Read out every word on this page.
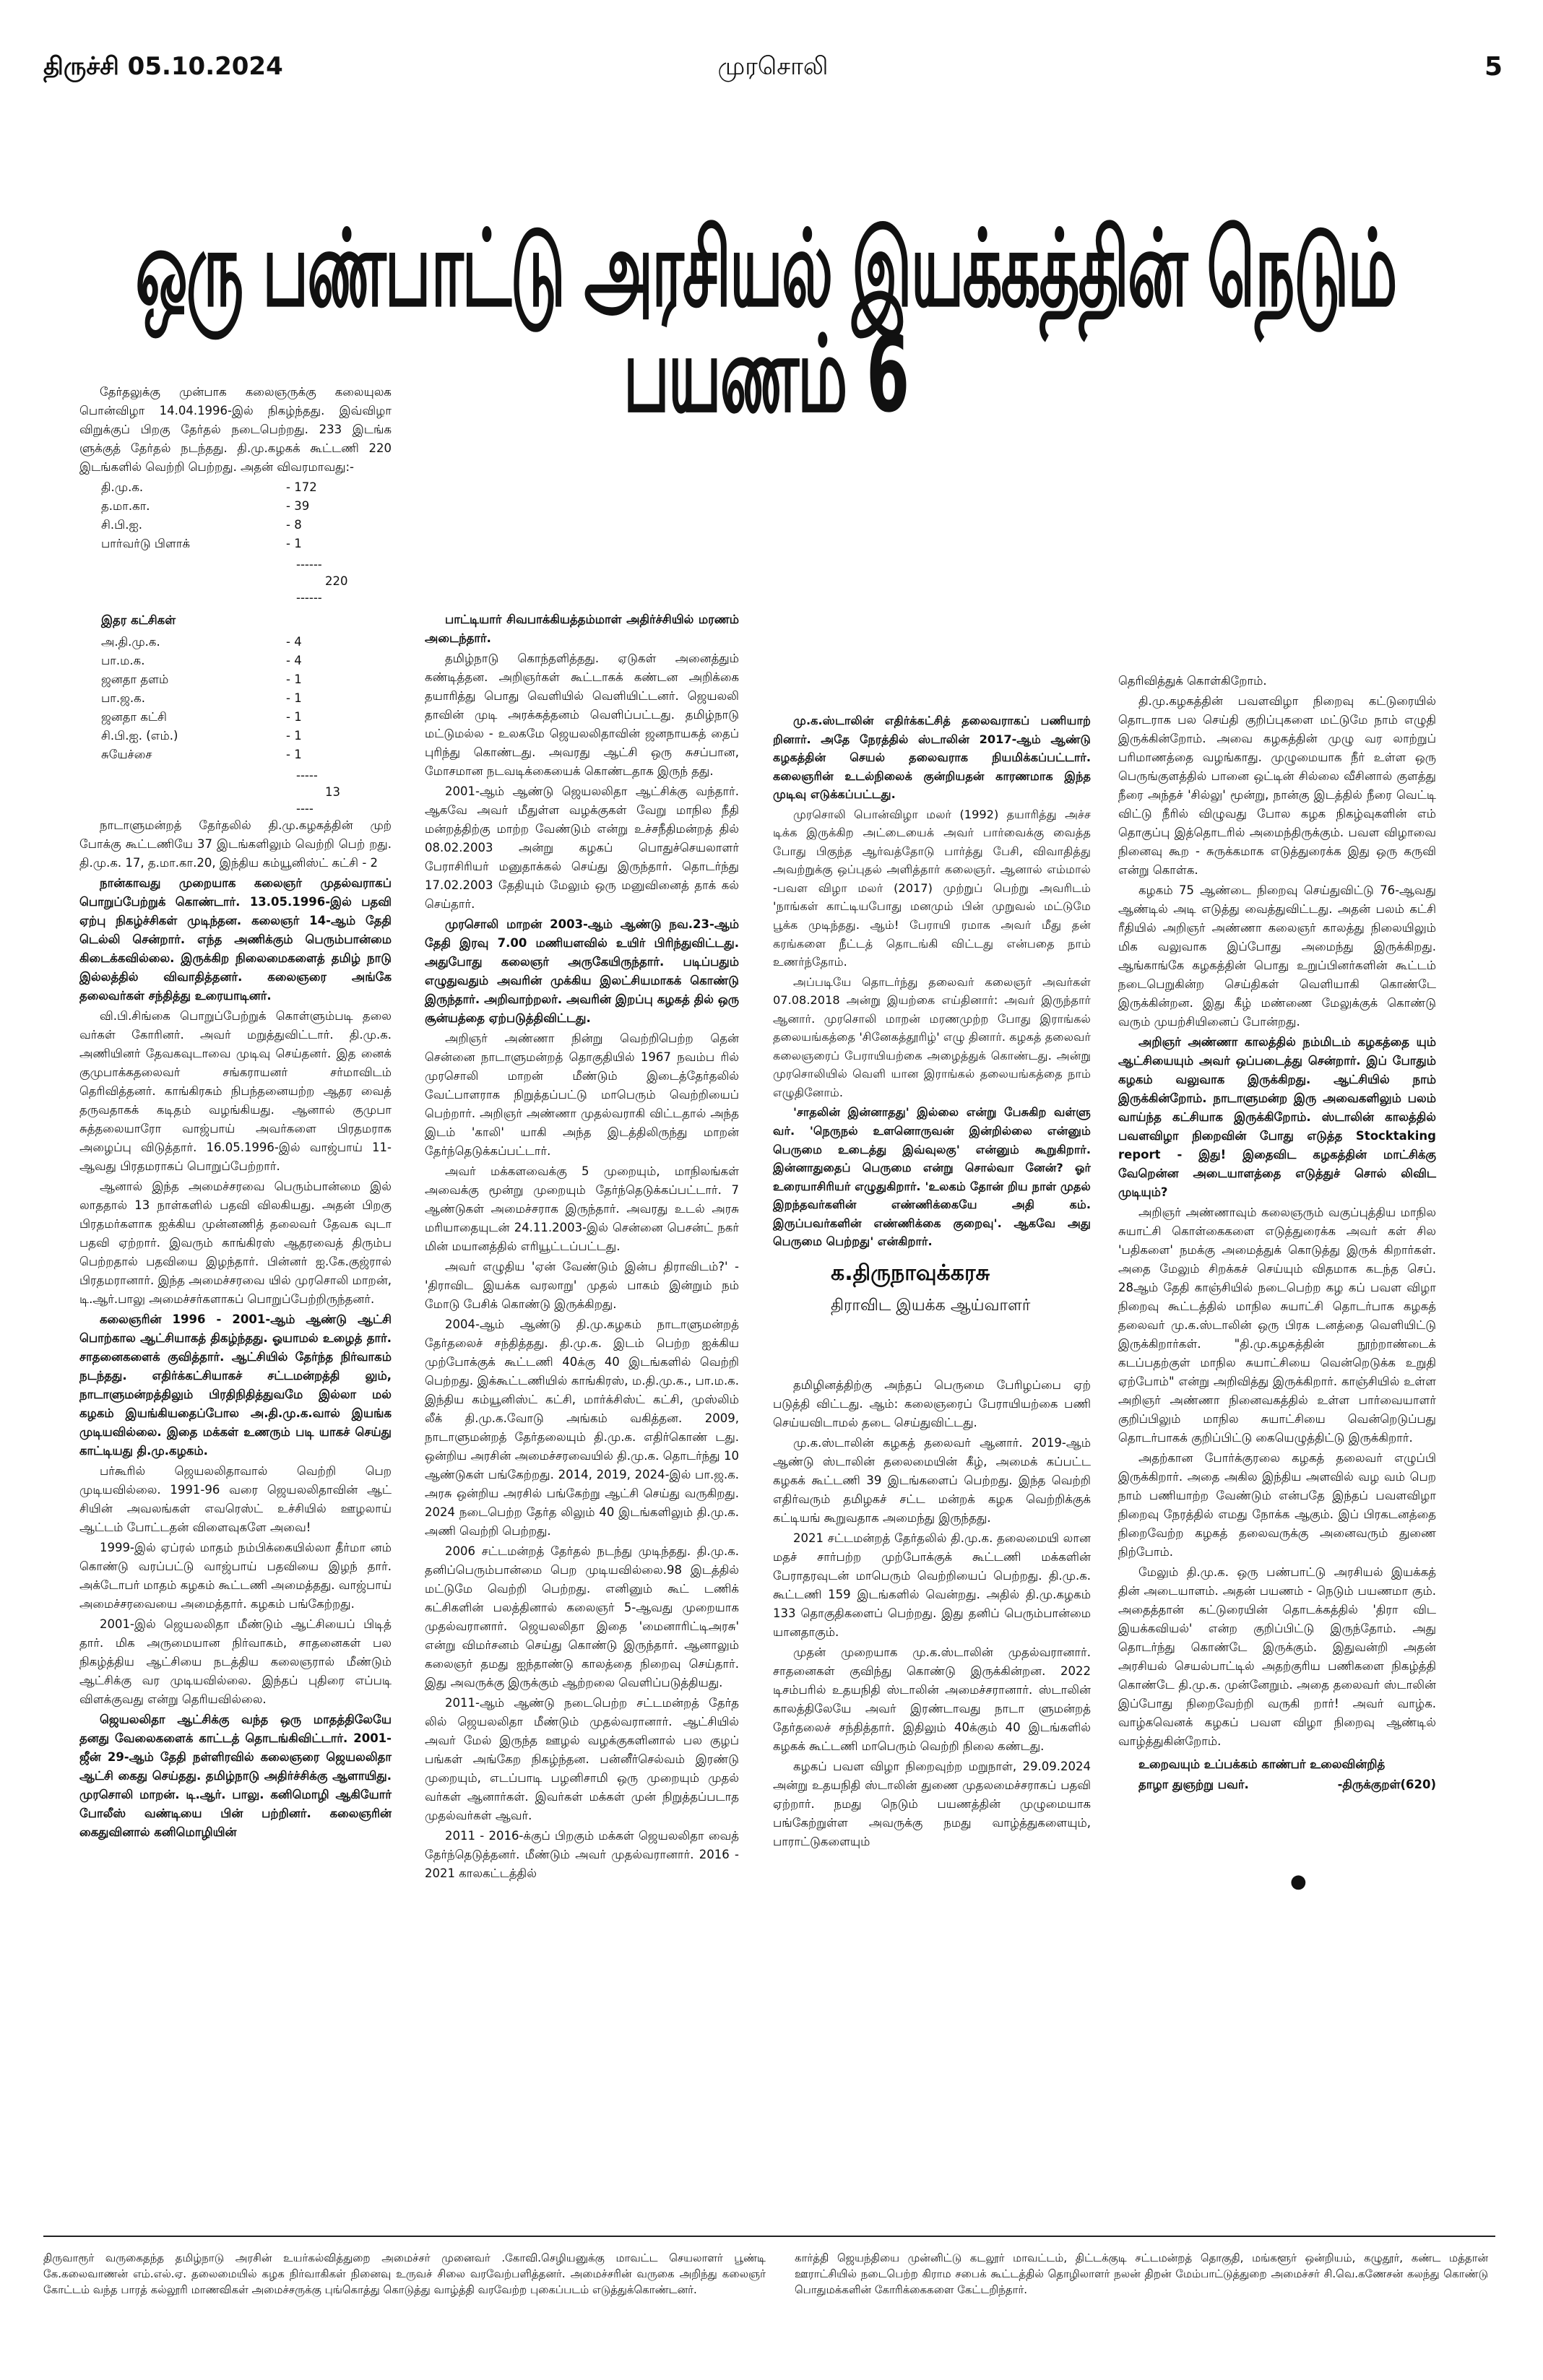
திருச்சி 05.10.2024	முரசொலி	5
ஒரு பண்பாட்டு அரசியல் இயக்கத்தின் நெடும் பயணம் 6

தேர்தலுக்கு முன்பாக கலைஞருக்கு கலையுலக பொன்விழா 14.04.1996-இல் நிகழ்ந்தது. இவ்விழா விறுக்குப் பிறகு தேர்தல் நடைபெற்றது. 233 இடங்க ளுக்குத் தேர்தல் நடந்தது. தி.மு.கழகக் கூட்டணி 220 இடங்களில் வெற்றி பெற்றது. அதன் விவரமாவது:-

தி.மு.க.	- 172
த.மா.கா.	- 39
சி.பி.ஐ.	- 8
பார்வர்டு பிளாக்	- 1
------
220
------
இதர கட்சிகள்
அ.தி.மு.க.	- 4
பா.ம.க.	- 4
ஜனதா தளம்	- 1
பா.ஜ.க.	- 1
ஜனதா கட்சி	- 1
சி.பி.ஐ. (எம்.)	- 1
சுயேச்சை	- 1
-----
13
----

நாடாளுமன்றத் தேர்தலில் தி.மு.கழகத்தின் முற் போக்கு கூட்டணியே 37 இடங்களிலும் வெற்றி பெற் றது. தி.மு.க. 17, த.மா.கா.20, இந்திய கம்யூனிஸ்ட் கட்சி - 2

நான்காவது முறையாக கலைஞர் முதல்வராகப் பொறுப்பேற்றுக் கொண்டார். 13.05.1996-இல் பதவி ஏற்பு நிகழ்ச்சிகள் முடிந்தன. கலைஞர் 14-ஆம் தேதி டெல்லி சென்றார். எந்த அணிக்கும் பெரும்பான்மை கிடைக்கவில்லை. இருக்கிற நிலைமைகளைத் தமிழ் நாடு இல்லத்தில் விவாதித்தனர். கலைஞரை அங்கே தலைவர்கள் சந்தித்து உரையாடினர்.

வி.பி.சிங்கை பொறுப்பேற்றுக் கொள்ளும்படி தலை வர்கள் கோரினர். அவர் மறுத்துவிட்டார். தி.மு.க. அணியினர் தேவகவுடாவை முடிவு செய்தனர். இத னைக் குமுபாக்கதலைவர் சங்கராயனர் சர்மாவிடம் தெரிவித்தனர். காங்கிரசும் நிபந்தனையற்ற ஆதர வைத் தருவதாகக் கடிதம் வழங்கியது. ஆனால் குமுபா சுத்தலையாரோ வாஜ்பாய் அவர்களை பிரதமராக அழைப்பு விடுத்தார். 16.05.1996-இல் வாஜ்பாய் 11-ஆவது பிரதமராகப் பொறுப்பேற்றார்.

ஆனால் இந்த அமைச்சரவை பெரும்பான்மை இல் லாததால் 13 நாள்களில் பதவி விலகியது. அதன் பிறகு பிரதமர்களாக ஐக்கிய முன்னணித் தலைவர் தேவக வுடா பதவி ஏற்றார். இவரும் காங்கிரஸ் ஆதரவைத் திரும்ப பெற்றதால் பதவியை இழந்தார். பின்னர் ஐ.கே.குஜ்ரால் பிரதமரானார். இந்த அமைச்சரவை யில் முரசொலி மாறன், டி.ஆர்.பாலு அமைச்சர்களாகப் பொறுப்பேற்றிருந்தனர்.

கலைஞரின் 1996 - 2001-ஆம் ஆண்டு ஆட்சி பொற்கால ஆட்சியாகத் திகழ்ந்தது. ஓயாமல் உழைத் தார். சாதனைகளைக் குவித்தார். ஆட்சியில் தேர்ந்த நிர்வாகம் நடந்தது. எதிர்க்கட்சியாகச் சட்டமன்றத்தி லும், நாடாளுமன்றத்திலும் பிரதிநிதித்துவமே இல்லா மல் கழகம் இயங்கியதைப்போல அ.தி.மு.க.வால் இயங்க முடியவில்லை. இதை மக்கள் உணரும் படி யாகச் செய்து காட்டியது தி.மு.கழகம்.

பர்கூரில் ஜெயலலிதாவால் வெற்றி பெற முடியவில்லை. 1991-96 வரை ஜெயலலிதாவின் ஆட் சியின் அவலங்கள் எவரெஸ்ட் உச்சியில் ஊழலாய் ஆட்டம் போட்டதன் விளைவுகளே அவை!

1999-இல் ஏப்ரல் மாதம் நம்பிக்கையில்லா தீர்மா னம் கொண்டு வரப்பட்டு வாஜ்பாய் பதவியை இழந் தார். அக்டோபர் மாதம் கழகம் கூட்டணி அமைத்தது. வாஜ்பாய் அமைச்சரவையை அமைத்தார். கழகம் பங்கேற்றது.

2001-இல் ஜெயலலிதா மீண்டும் ஆட்சியைப் பிடித் தார். மிக அருமையான நிர்வாகம், சாதனைகள் பல நிகழ்த்திய ஆட்சியை நடத்திய கலைஞரால் மீண்டும் ஆட்சிக்கு வர முடியவில்லை. இந்தப் புதிரை எப்படி விளக்குவது என்று தெரியவில்லை.

ஜெயலலிதா ஆட்சிக்கு வந்த ஒரு மாதத்திலேயே தனது வேலைகளைக் காட்டத் தொடங்கிவிட்டார். 2001- ஜீன் 29-ஆம் தேதி நள்ளிரவில் கலைஞரை ஜெயலலிதா ஆட்சி கைது செய்தது. தமிழ்நாடு அதிர்ச்சிக்கு ஆளாயிது. முரசொலி மாறன். டி.ஆர். பாலு. கனிமொழி ஆகியோர் போலீஸ் வண்டியை பின் பற்றினர். கலைஞரின் கைதுவினால் கனிமொழியின்

பாட்டியார் சிவபாக்கியத்தம்மாள் அதிர்ச்சியில் மரணம் அடைந்தார்.

தமிழ்நாடு கொந்தளித்தது. ஏடுகள் அனைத்தும் கண்டித்தன. அறிஞர்கள் கூட்டாகக் கண்டன அறிக்கை தயாரித்து பொது வெளியில் வெளியிட்டனர். ஜெயலலி தாவின் முடி அரக்கத்தனம் வெளிப்பட்டது. தமிழ்நாடு மட்டுமல்ல - உலகமே ஜெயலலிதாவின் ஜனநாயகத் தைப் புரிந்து கொண்டது. அவரது ஆட்சி ஒரு சுசப்பான, மோசமான நடவடிக்கையைக் கொண்டதாக இருந் தது.

2001-ஆம் ஆண்டு ஜெயலலிதா ஆட்சிக்கு வந்தார். ஆகவே அவர் மீதுள்ள வழக்குகள் வேறு மாநில நீதி மன்றத்திற்கு மாற்ற வேண்டும் என்று உச்சநீதிமன்றத் தில் 08.02.2003 அன்று கழகப் பொதுச்செயலாளர் பேராசிரியர் மனுதாக்கல் செய்து இருந்தார். தொடர்ந்து 17.02.2003 தேதியும் மேலும் ஒரு மனுவினைத் தாக் கல் செய்தார்.

முரசொலி மாறன் 2003-ஆம் ஆண்டு நவ.23-ஆம் தேதி இரவு 7.00 மணியளவில் உயிர் பிரிந்துவிட்டது. அதுபோது கலைஞர் அருகேயிருந்தார். படிப்பதும் எழுதுவதும் அவரின் முக்கிய இலட்சியமாகக் கொண்டு இருந்தார். அறிவாற்றலர். அவரின் இறப்பு கழகத் தில் ஒரு சூன்யத்தை ஏற்படுத்திவிட்டது.

அறிஞர் அண்ணா நின்று வெற்றிபெற்ற தென் சென்னை நாடாளுமன்றத் தொகுதியில் 1967 நவம்ப ரில் முரசொலி மாறன் மீண்டும் இடைத்தேர்தலில் வேட்பாளராக நிறுத்தப்பட்டு மாபெரும் வெற்றியைப் பெற்றார். அறிஞர் அண்ணா முதல்வராகி விட்டதால் அந்த இடம் 'காலி' யாகி அந்த இடத்திலிருந்து மாறன் தேர்ந்தெடுக்கப்பட்டார்.

அவர் மக்களவைக்கு 5 முறையும், மாநிலங்கள் அவைக்கு மூன்று முறையும் தேர்ந்தெடுக்கப்பட்டார். 7 ஆண்டுகள் அமைச்சராக இருந்தார். அவரது உடல் அரசு மரியாதையுடன் 24.11.2003-இல் சென்னை பெசன்ட் நகர் மின் மயானத்தில் எரியூட்டப்பட்டது.

அவர் எழுதிய 'ஏன் வேண்டும் இன்ப திராவிடம்?' - 'திராவிட இயக்க வரலாறு' முதல் பாகம் இன்றும் நம் மோடு பேசிக் கொண்டு இருக்கிறது.

2004-ஆம் ஆண்டு தி.மு.கழகம் நாடாளுமன்றத் தேர்தலைச் சந்தித்தது. தி.மு.க. இடம் பெற்ற ஐக்கிய முற்போக்குக் கூட்டணி 40க்கு 40 இடங்களில் வெற்றி பெற்றது. இக்கூட்டணியில் காங்கிரஸ், ம.தி.மு.க., பா.ம.க. இந்திய கம்யூனிஸ்ட் கட்சி, மார்க்சிஸ்ட் கட்சி, முஸ்லிம் லீக் தி.மு.க.வோடு அங்கம் வகித்தன. 2009, நாடாளுமன்றத் தேர்தலையும் தி.மு.க. எதிர்கொண் டது. ஒன்றிய அரசின் அமைச்சரவையில் தி.மு.க. தொடர்ந்து 10 ஆண்டுகள் பங்கேற்றது. 2014, 2019, 2024-இல் பா.ஜ.க. அரசு ஒன்றிய அரசில் பங்கேற்று ஆட்சி செய்து வருகிறது. 2024 நடைபெற்ற தேர்த லிலும் 40 இடங்களிலும் தி.மு.க. அணி வெற்றி பெற்றது.

2006 சட்டமன்றத் தேர்தல் நடந்து முடிந்தது. தி.மு.க. தனிப்பெரும்பான்மை பெற முடியவில்லை.98 இடத்தில் மட்டுமே வெற்றி பெற்றது. எனினும் கூட் டணிக் கட்சிகளின் பலத்தினால் கலைஞர் 5-ஆவது முறையாக முதல்வரானார். ஜெயலலிதா இதை 'மைனாரிட்டிஅரசு' என்று விமர்சனம் செய்து கொண்டு இருந்தார். ஆனாலும் கலைஞர் தமது ஐந்தாண்டு காலத்தை நிறைவு செய்தார். இது அவருக்கு இருக்கும் ஆற்றலை வெளிப்படுத்தியது.

2011-ஆம் ஆண்டு நடைபெற்ற சட்டமன்றத் தேர்த லில் ஜெயலலிதா மீண்டும் முதல்வரானார். ஆட்சியில் அவர் மேல் இருந்த ஊழல் வழக்குகளினால் பல குழப் பங்கள் அங்கேற நிகழ்ந்தன. பன்னீர்செல்வம் இரண்டு முறையும், எடப்பாடி பழனிசாமி ஒரு முறையும் முதல் வர்கள் ஆனார்கள். இவர்கள் மக்கள் முன் நிறுத்தப்படாத முதல்வர்கள் ஆவர்.

2011 - 2016-க்குப் பிறகும் மக்கள் ஜெயலலிதா வைத் தேர்ந்தெடுத்தனர். மீண்டும் அவர் முதல்வரானார். 2016 - 2021 காலகட்டத்தில்

மு.க.ஸ்டாலின் எதிர்க்கட்சித் தலைவராகப் பணியாற் றினார். அதே நேரத்தில் ஸ்டாலின் 2017-ஆம் ஆண்டு கழகத்தின் செயல் தலைவராக நியமிக்கப்பட்டார். கலைஞரின் உடல்நிலைக் குன்றியதன் காரணமாக இந்த முடிவு எடுக்கப்பட்டது.

முரசொலி பொன்விழா மலர் (1992) தயாரித்து அச்ச டிக்க இருக்கிற அட்டையைக் அவர் பார்வைக்கு வைத்த போது பிகுந்த ஆர்வத்தோடு பார்த்து பேசி, விவாதித்து அவற்றுக்கு ஒப்புதல் அளித்தார் கலைஞர். ஆனால் எம்மால் -பவள விழா மலர் (2017) முற்றுப் பெற்று அவரிடம் 'நாங்கள் காட்டியபோது மனமும் பின் முறுவல் மட்டுமே பூக்க முடிந்தது. ஆம்! பேராயி ரமாக அவர் மீது தன் கரங்களை நீட்டத் தொடங்கி விட்டது என்பதை நாம் உணர்ந்தோம்.

அப்படியே தொடர்ந்து தலைவர் கலைஞர் அவர்கள் 07.08.2018 அன்று இயற்கை எய்தினார்: அவர் இருந்தார் ஆனார். முரசொலி மாறன் மரணமுற்ற போது இராங்கல் தலையங்கத்தை 'சினேகத்தூரிழ்' எழு தினார். கழகத் தலைவர் கலைஞரைப் பேராயியற்கை அழைத்துக் கொண்டது. அன்று முரசொலியில் வெளி யான இராங்கல் தலையங்கத்தை நாம் எழுதினோம்.

'சாதலின் இன்னாதது' இல்லை என்று பேசுகிற வள்ளு வர். 'நெருநல் உளனொருவன் இன்றில்லை என்னும் பெருமை உடைத்து இவ்வுலகு' என்னும் கூறுகிறார். இன்னாதுதைப் பெருமை என்று சொல்வா னேன்? ஓர் உரையாசிரியர் எழுதுகிறார். 'உலகம் தோன் றிய நாள் முதல் இறந்தவர்களின் எண்ணிக்கையே அதி கம். இருப்பவர்களின் எண்ணிக்கை குறைவு'. ஆகவே அது பெருமை பெற்றது' என்கிறார்.

க.திருநாவுக்கரசு
திராவிட இயக்க ஆய்வாளர்

தமிழினத்திற்கு அந்தப் பெருமை பேரிழப்பை ஏற் படுத்தி விட்டது. ஆம்: கலைஞரைப் பேராயியற்கை பணி செய்யவிடாமல் தடை செய்துவிட்டது.

மு.க.ஸ்டாலின் கழகத் தலைவர் ஆனார். 2019-ஆம் ஆண்டு ஸ்டாலின் தலைமையின் கீழ், அமைக் கப்பட்ட கழகக் கூட்டணி 39 இடங்களைப் பெற்றது. இந்த வெற்றி எதிர்வரும் தமிழகச் சட்ட மன்றக் கழக வெற்றிக்குக் கட்டியங் கூறுவதாக அமைந்து இருந்தது.

2021 சட்டமன்றத் தேர்தலில் தி.மு.க. தலைமையி லான மதச் சார்பற்ற முற்போக்குக் கூட்டணி மக்களின் பேராதரவுடன் மாபெரும் வெற்றியைப் பெற்றது. தி.மு.க. கூட்டணி 159 இடங்களில் வென்றது. அதில் தி.மு.கழகம் 133 தொகுதிகளைப் பெற்றது. இது தனிப் பெரும்பான்மை யானதாகும்.

முதன் முறையாக மு.க.ஸ்டாலின் முதல்வரானார். சாதனைகள் குவிந்து கொண்டு இருக்கின்றன. 2022 டிசம்பரில் உதயநிதி ஸ்டாலின் அமைச்சரானார். ஸ்டாலின் காலத்திலேயே அவர் இரண்டாவது நாடா ளுமன்றத் தேர்தலைச் சந்தித்தார். இதிலும் 40க்கும் 40 இடங்களில் கழகக் கூட்டணி மாபெரும் வெற்றி நிலை கண்டது.

கழகப் பவள விழா நிறைவுற்ற மறுநாள், 29.09.2024 அன்று உதயநிதி ஸ்டாலின் துணை முதலமைச்சராகப் பதவி ஏற்றார். நமது நெடும் பயணத்தின் முழுமையாக பங்கேற்றுள்ள அவருக்கு நமது வாழ்த்துகளையும், பாராட்டுகளையும்

தெரிவித்துக் கொள்கிறோம்.

தி.மு.கழகத்தின் பவளவிழா நிறைவு கட்டுரையில் தொடராக பல செய்தி குறிப்புகளை மட்டுமே நாம் எழுதி இருக்கின்றோம். அவை கழகத்தின் முழு வர லாற்றுப் பரிமாணத்தை வழங்காது. முழுமையாக நீர் உள்ள ஒரு பெருங்குளத்தில் பானை ஒட்டின் சில்லை வீசினால் குளத்து நீரை அந்தச் 'சில்லு' மூன்று, நான்கு இடத்தில் நீரை வெட்டி விட்டு நீரில் விழுவது போல கழக நிகழ்வுகளின் எம் தொகுப்பு இத்தொடரில் அமைந்திருக்கும். பவள விழாவை நினைவு கூற - சுருக்கமாக எடுத்துரைக்க இது ஒரு கருவி என்று கொள்க.

கழகம் 75 ஆண்டை நிறைவு செய்துவிட்டு 76-ஆவது ஆண்டில் அடி எடுத்து வைத்துவிட்டது. அதன் பலம் கட்சி ரீதியில் அறிஞர் அண்ணா கலைஞர் காலத்து நிலையிலும் மிக வலுவாக இப்போது அமைந்து இருக்கிறது. ஆங்காங்கே கழகத்தின் பொது உறுப்பினர்களின் கூட்டம் நடைபெறுகின்ற செய்திகள் வெளியாகி கொண்டே இருக்கின்றன. இது கீழ் மண்ணை மேலுக்குக் கொண்டு வரும் முயற்சியினைப் போன்றது.

அறிஞர் அண்ணா காலத்தில் நம்மிடம் கழகத்தை யும் ஆட்சியையும் அவர் ஒப்படைத்து சென்றார். இப் போதும் கழகம் வலுவாக இருக்கிறது. ஆட்சியில் நாம் இருக்கின்றோம். நாடாளுமன்ற இரு அவைகளிலும் பலம் வாய்ந்த கட்சியாக இருக்கிறோம். ஸ்டாலின் காலத்தில் பவளவிழா நிறைவின் போது எடுத்த Stocktaking report - இது! இதைவிட கழகத்தின் மாட்சிக்கு வேறென்ன அடையாளத்தை எடுத்துச் சொல் லிவிட முடியும்?

அறிஞர் அண்ணாவும் கலைஞரும் வகுப்புத்திய மாநில சுயாட்சி கொள்கைகளை எடுத்துரைக்க அவர் கள் சில 'பதிகளை' நமக்கு அமைத்துக் கொடுத்து இருக் கிறார்கள். அதை மேலும் சிறக்கச் செய்யும் விதமாக கடந்த செப். 28ஆம் தேதி காஞ்சியில் நடைபெற்ற கழ கப் பவள விழா நிறைவு கூட்டத்தில் மாநில சுயாட்சி தொடர்பாக கழகத் தலைவர் மு.க.ஸ்டாலின் ஒரு பிரக டனத்தை வெளியிட்டு இருக்கிறார்கள். "தி.மு.கழகத்தின் நூற்றாண்டைக் கடப்பதற்குள் மாநில சுயாட்சியை வென்றெடுக்க உறுதி ஏற்போம்" என்று அறிவித்து இருக்கிறார். காஞ்சியில் உள்ள அறிஞர் அண்ணா நினைவகத்தில் உள்ள பார்வையாளர் குறிப்பிலும் மாநில சுயாட்சியை வென்றெடுப்பது தொடர்பாகக் குறிப்பிட்டு கையெழுத்திட்டு இருக்கிறார்.

அதற்கான போர்க்குரலை கழகத் தலைவர் எழுப்பி இருக்கிறார். அதை அகில இந்திய அளவில் வழ வம் பெற நாம் பணியாற்ற வேண்டும் என்பதே இந்தப் பவளவிழா நிறைவு நேரத்தில் எமது நோக்க ஆகும். இப் பிரகடனத்தை நிறைவேற்ற கழகத் தலைவருக்கு அனைவரும் துணை நிற்போம்.

மேலும் தி.மு.க. ஒரு பண்பாட்டு அரசியல் இயக்கத் தின் அடையாளம். அதன் பயணம் - நெடும் பயணமா கும். அதைத்தான் கட்டுரையின் தொடக்கத்தில் 'திரா விட இயக்கவியல்' என்ற குறிப்பிட்டு இருந்தோம். அது தொடர்ந்து கொண்டே இருக்கும். இதுவன்றி அதன் அரசியல் செயல்பாட்டில் அதற்குரிய பணிகளை நிகழ்த்தி கொண்டே தி.மு.க. முன்னேறும். அதை தலைவர் ஸ்டாலின் இப்போது நிறைவேற்றி வருகி றார்! அவர் வாழ்க. வாழ்கவெனக் கழகப் பவள விழா நிறைவு ஆண்டில் வாழ்த்துகின்றோம்.

உறைவயும் உப்பக்கம் காண்பர் உலைவின்றித்

தாழா துஞற்று பவர்.	-திருக்குறள்(620)

●
திருவாரூர் வருகைதந்த தமிழ்நாடு அரசின் உயர்கல்வித்துறை அமைச்சர் முனைவர் .கோவி.செழியனுக்கு மாவட்ட செயலாளர் பூண்டி கே.கலைவாணன் எம்.எல்.ஏ. தலைமையில் கழக நிர்வாகிகள் நினைவு உருவச் சிலை வரவேற்பளித்தனர். அமைச்சரின் வருகை அறிந்து கலைஞர் கோட்டம் வந்த பாரத் கல்லூரி மாணவிகள் அமைச்சருக்கு புங்கொத்து கொடுத்து வாழ்த்தி வரவேற்ற புகைப்படம் எடுத்துக்கொண்டனர்.
கார்த்தி ஜெயந்தியை முன்னிட்டு கடலூர் மாவட்டம், திட்டக்குடி சட்டமன்றத் தொகுதி, மங்களூர் ஒன்றியம், கழுதூர், கண்ட மத்தான் ஊராட்சியில் நடைபெற்ற கிராம சபைக் கூட்டத்தில் தொழிலாளர் நலன் திறன் மேம்பாட்டுத்துறை அமைச்சர் சி.வெ.கணேசன் கலந்து கொண்டு பொதுமக்களின் கோரிக்கைகளை கேட்டறிந்தார்.
